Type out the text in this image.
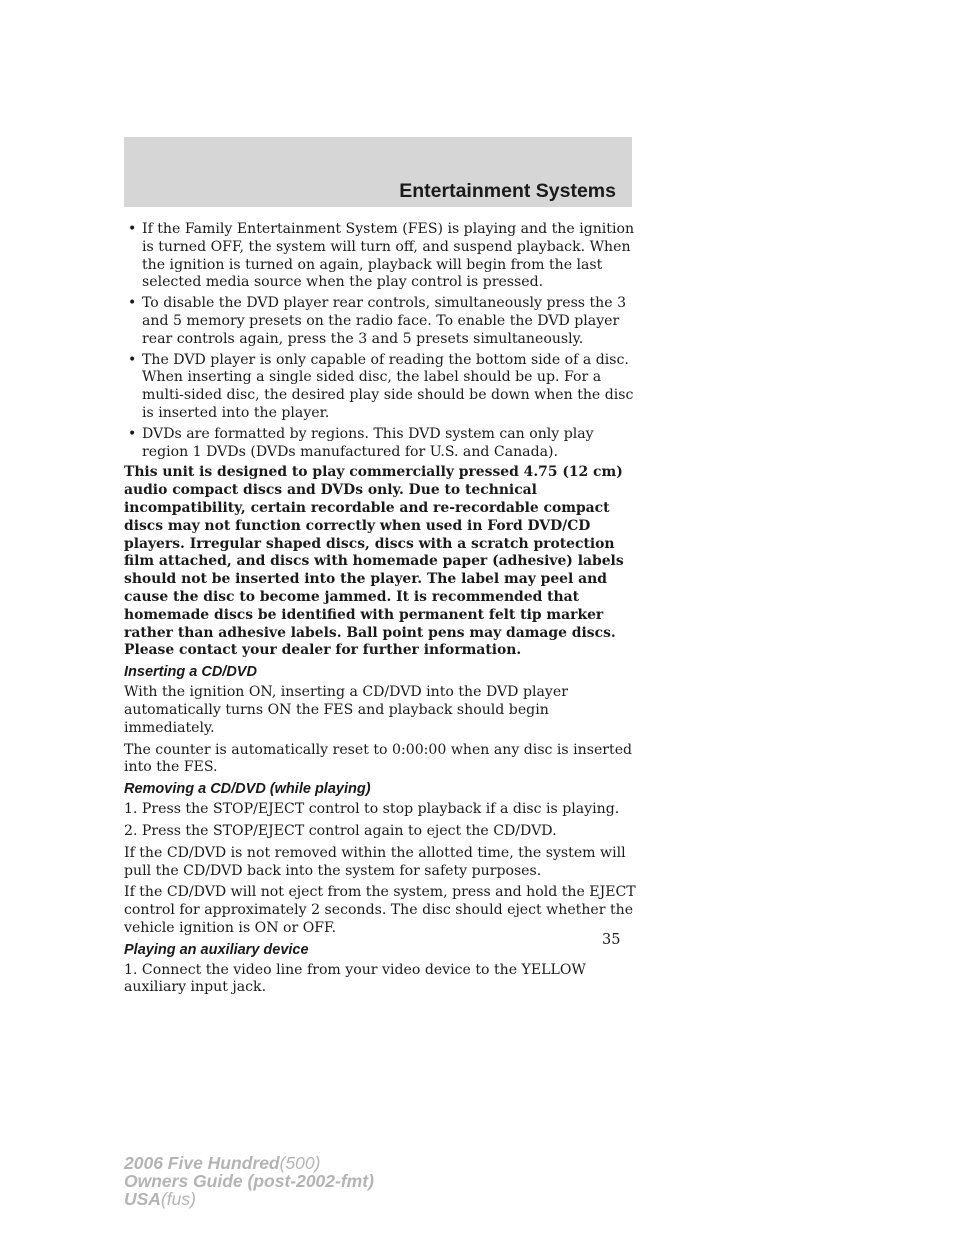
Entertainment Systems
• If the Family Entertainment System (FES) is playing and the ignition is turned OFF, the system will turn off, and suspend playback. When the ignition is turned on again, playback will begin from the last selected media source when the play control is pressed.
• To disable the DVD player rear controls, simultaneously press the 3 and 5 memory presets on the radio face. To enable the DVD player rear controls again, press the 3 and 5 presets simultaneously.
• The DVD player is only capable of reading the bottom side of a disc. When inserting a single sided disc, the label should be up. For a multi-sided disc, the desired play side should be down when the disc is inserted into the player.
• DVDs are formatted by regions. This DVD system can only play region 1 DVDs (DVDs manufactured for U.S. and Canada).

This unit is designed to play commercially pressed 4.75 (12 cm) audio compact discs and DVDs only. Due to technical incompatibility, certain recordable and re-recordable compact discs may not function correctly when used in Ford DVD/CD players. Irregular shaped discs, discs with a scratch protection film attached, and discs with homemade paper (adhesive) labels should not be inserted into the player. The label may peel and cause the disc to become jammed. It is recommended that homemade discs be identified with permanent felt tip marker rather than adhesive labels. Ball point pens may damage discs. Please contact your dealer for further information.

Inserting a CD/DVD

With the ignition ON, inserting a CD/DVD into the DVD player automatically turns ON the FES and playback should begin immediately.

The counter is automatically reset to 0:00:00 when any disc is inserted into the FES.

Removing a CD/DVD (while playing)

1. Press the STOP/EJECT control to stop playback if a disc is playing.

2. Press the STOP/EJECT control again to eject the CD/DVD.

If the CD/DVD is not removed within the allotted time, the system will pull the CD/DVD back into the system for safety purposes.

If the CD/DVD will not eject from the system, press and hold the EJECT control for approximately 2 seconds. The disc should eject whether the vehicle ignition is ON or OFF.

Playing an auxiliary device

1. Connect the video line from your video device to the YELLOW auxiliary input jack.

35
2006 Five Hundred(500)
Owners Guide (post-2002-fmt)
USA(fus)
